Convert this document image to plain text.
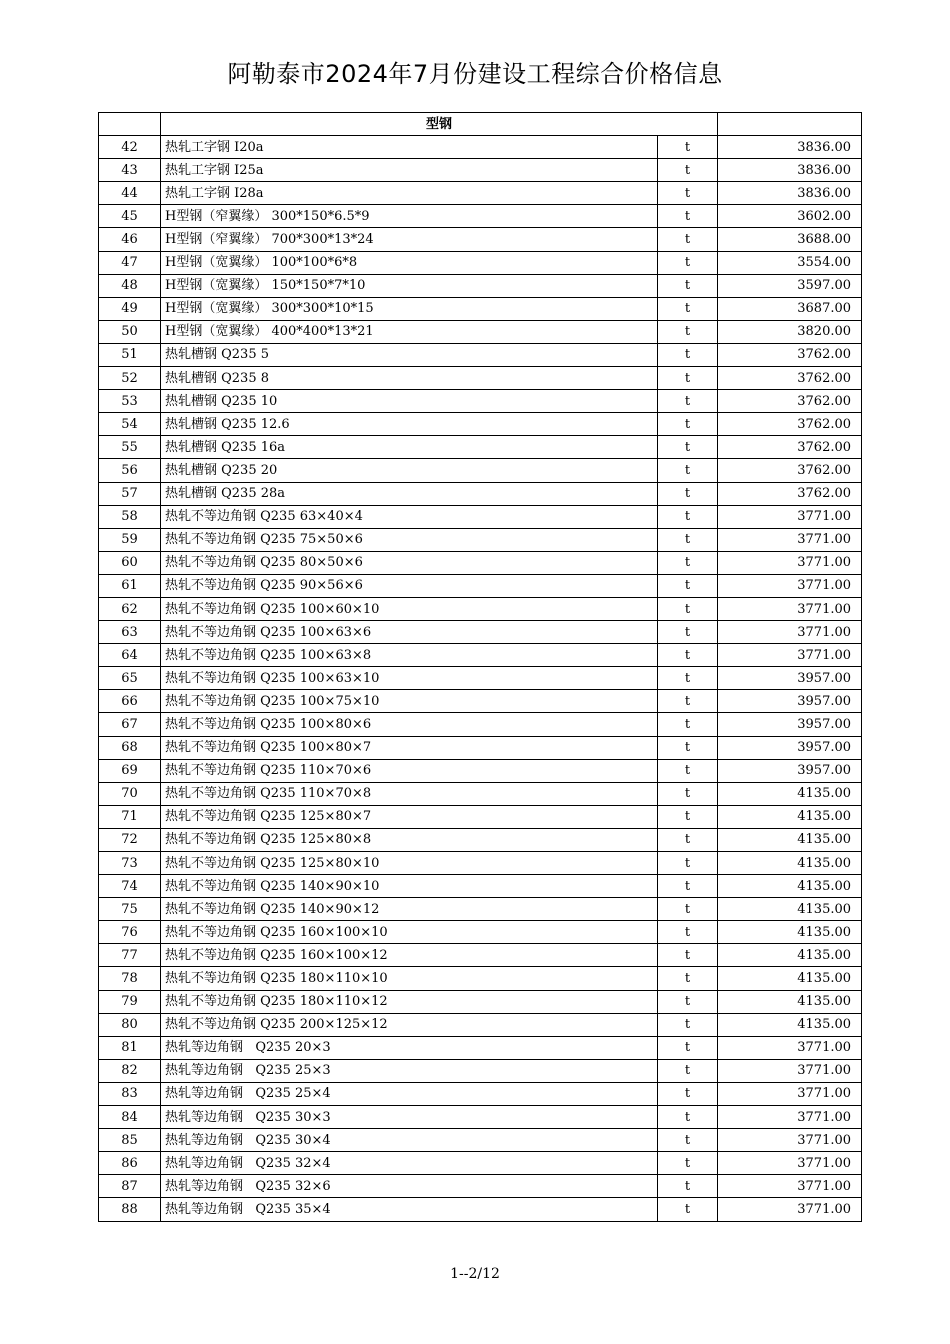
阿勒泰市2024年7月份建设工程综合价格信息
	型钢		
42	热轧工字钢 I20a	t	3836.00
43	热轧工字钢 I25a	t	3836.00
44	热轧工字钢 I28a	t	3836.00
45	H型钢（窄翼缘） 300*150*6.5*9	t	3602.00
46	H型钢（窄翼缘） 700*300*13*24	t	3688.00
47	H型钢（宽翼缘） 100*100*6*8	t	3554.00
48	H型钢（宽翼缘） 150*150*7*10	t	3597.00
49	H型钢（宽翼缘） 300*300*10*15	t	3687.00
50	H型钢（宽翼缘） 400*400*13*21	t	3820.00
51	热轧槽钢 Q235 5	t	3762.00
52	热轧槽钢 Q235 8	t	3762.00
53	热轧槽钢 Q235 10	t	3762.00
54	热轧槽钢 Q235 12.6	t	3762.00
55	热轧槽钢 Q235 16a	t	3762.00
56	热轧槽钢 Q235 20	t	3762.00
57	热轧槽钢 Q235 28a	t	3762.00
58	热轧不等边角钢 Q235 63×40×4	t	3771.00
59	热轧不等边角钢 Q235 75×50×6	t	3771.00
60	热轧不等边角钢 Q235 80×50×6	t	3771.00
61	热轧不等边角钢 Q235 90×56×6	t	3771.00
62	热轧不等边角钢 Q235 100×60×10	t	3771.00
63	热轧不等边角钢 Q235 100×63×6	t	3771.00
64	热轧不等边角钢 Q235 100×63×8	t	3771.00
65	热轧不等边角钢 Q235 100×63×10	t	3957.00
66	热轧不等边角钢 Q235 100×75×10	t	3957.00
67	热轧不等边角钢 Q235 100×80×6	t	3957.00
68	热轧不等边角钢 Q235 100×80×7	t	3957.00
69	热轧不等边角钢 Q235 110×70×6	t	3957.00
70	热轧不等边角钢 Q235 110×70×8	t	4135.00
71	热轧不等边角钢 Q235 125×80×7	t	4135.00
72	热轧不等边角钢 Q235 125×80×8	t	4135.00
73	热轧不等边角钢 Q235 125×80×10	t	4135.00
74	热轧不等边角钢 Q235 140×90×10	t	4135.00
75	热轧不等边角钢 Q235 140×90×12	t	4135.00
76	热轧不等边角钢 Q235 160×100×10	t	4135.00
77	热轧不等边角钢 Q235 160×100×12	t	4135.00
78	热轧不等边角钢 Q235 180×110×10	t	4135.00
79	热轧不等边角钢 Q235 180×110×12	t	4135.00
80	热轧不等边角钢 Q235 200×125×12	t	4135.00
81	热轧等边角钢   Q235 20×3	t	3771.00
82	热轧等边角钢   Q235 25×3	t	3771.00
83	热轧等边角钢   Q235 25×4	t	3771.00
84	热轧等边角钢   Q235 30×3	t	3771.00
85	热轧等边角钢   Q235 30×4	t	3771.00
86	热轧等边角钢   Q235 32×4	t	3771.00
87	热轧等边角钢   Q235 32×6	t	3771.00
88	热轧等边角钢   Q235 35×4	t	3771.00
1--2/12
